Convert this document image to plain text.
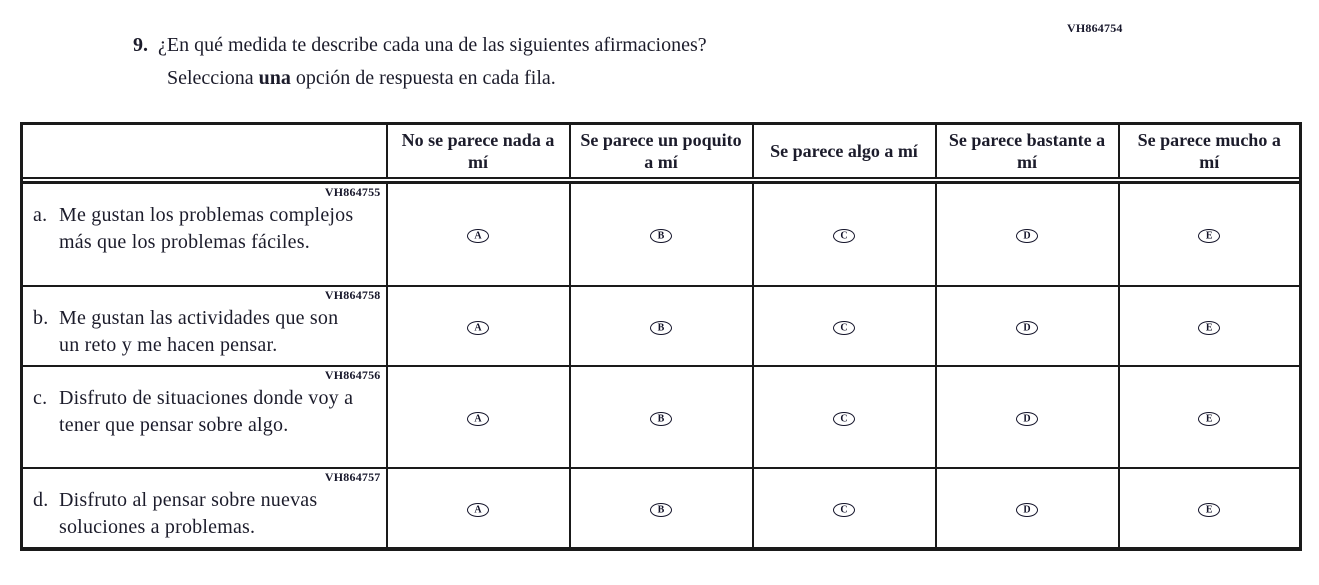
VH864754
9. ¿En qué medida te describe cada una de las siguientes afirmaciones?
Selecciona una opción de respuesta en cada fila.
	No se parece nada a mí	Se parece un poquito a mí	Se parece algo a mí	Se parece bastante a mí	Se parece mucho a mí

VH864755
a. Me gustan los problemas complejos más que los problemas fáciles.	A	B	C	D	E

VH864758
b. Me gustan las actividades que son un reto y me hacen pensar.	A	B	C	D	E

VH864756
c. Disfruto de situaciones donde voy a tener que pensar sobre algo.	A	B	C	D	E

VH864757
d. Disfruto al pensar sobre nuevas soluciones a problemas.	A	B	C	D	E
